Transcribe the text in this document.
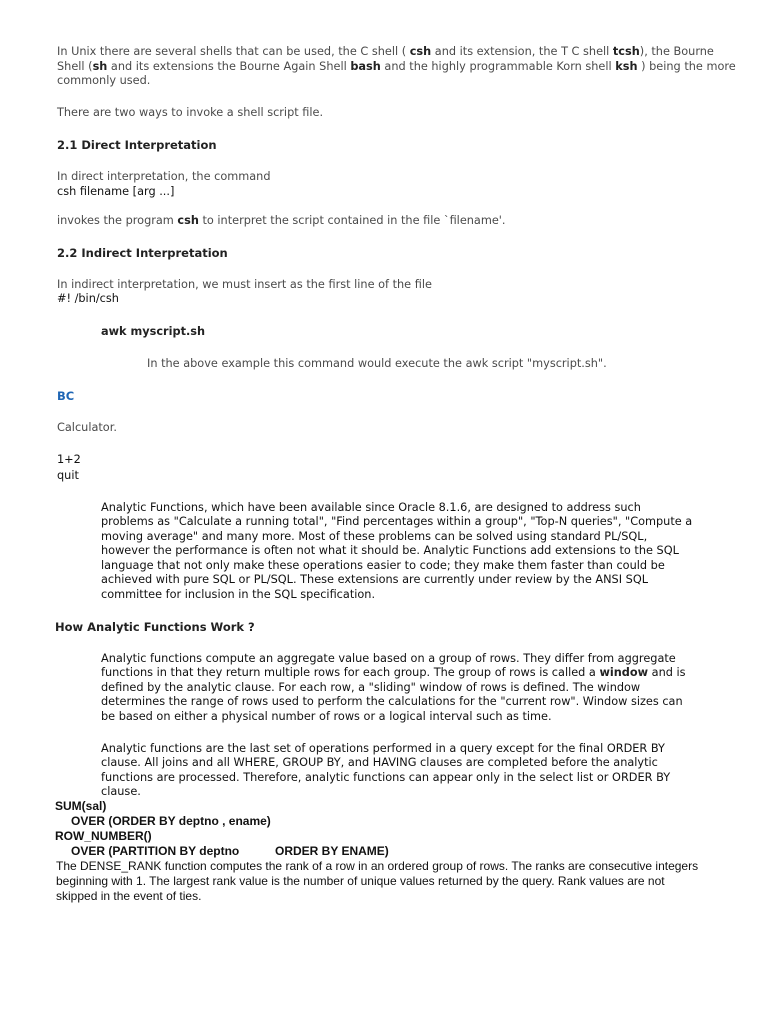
In Unix there are several shells that can be used, the C shell ( csh and its extension, the T C shell tcsh), the Bourne
Shell (sh and its extensions the Bourne Again Shell bash and the highly programmable Korn shell ksh ) being the more
commonly used.
There are two ways to invoke a shell script file.
2.1 Direct Interpretation
In direct interpretation, the command
csh filename [arg ...]
invokes the program csh to interpret the script contained in the file `filename'.
2.2 Indirect Interpretation
In indirect interpretation, we must insert as the first line of the file
#! /bin/csh
awk myscript.sh
In the above example this command would execute the awk script "myscript.sh".
BC
Calculator.
1+2
quit
Analytic Functions, which have been available since Oracle 8.1.6, are designed to address such
problems as "Calculate a running total", "Find percentages within a group", "Top-N queries", "Compute a
moving average" and many more. Most of these problems can be solved using standard PL/SQL,
however the performance is often not what it should be. Analytic Functions add extensions to the SQL
language that not only make these operations easier to code; they make them faster than could be
achieved with pure SQL or PL/SQL. These extensions are currently under review by the ANSI SQL
committee for inclusion in the SQL specification.
How Analytic Functions Work ?
Analytic functions compute an aggregate value based on a group of rows. They differ from aggregate
functions in that they return multiple rows for each group. The group of rows is called a window and is
defined by the analytic clause. For each row, a "sliding" window of rows is defined. The window
determines the range of rows used to perform the calculations for the "current row". Window sizes can
be based on either a physical number of rows or a logical interval such as time.
Analytic functions are the last set of operations performed in a query except for the final ORDER BY
clause. All joins and all WHERE, GROUP BY, and HAVING clauses are completed before the analytic
functions are processed. Therefore, analytic functions can appear only in the select list or ORDER BY
clause.
SUM(sal)
OVER (ORDER BY deptno , ename)
ROW_NUMBER()
OVER (PARTITION BY deptno	ORDER BY ENAME)
The DENSE_RANK function computes the rank of a row in an ordered group of rows. The ranks are consecutive integers
beginning with 1. The largest rank value is the number of unique values returned by the query. Rank values are not
skipped in the event of ties.
